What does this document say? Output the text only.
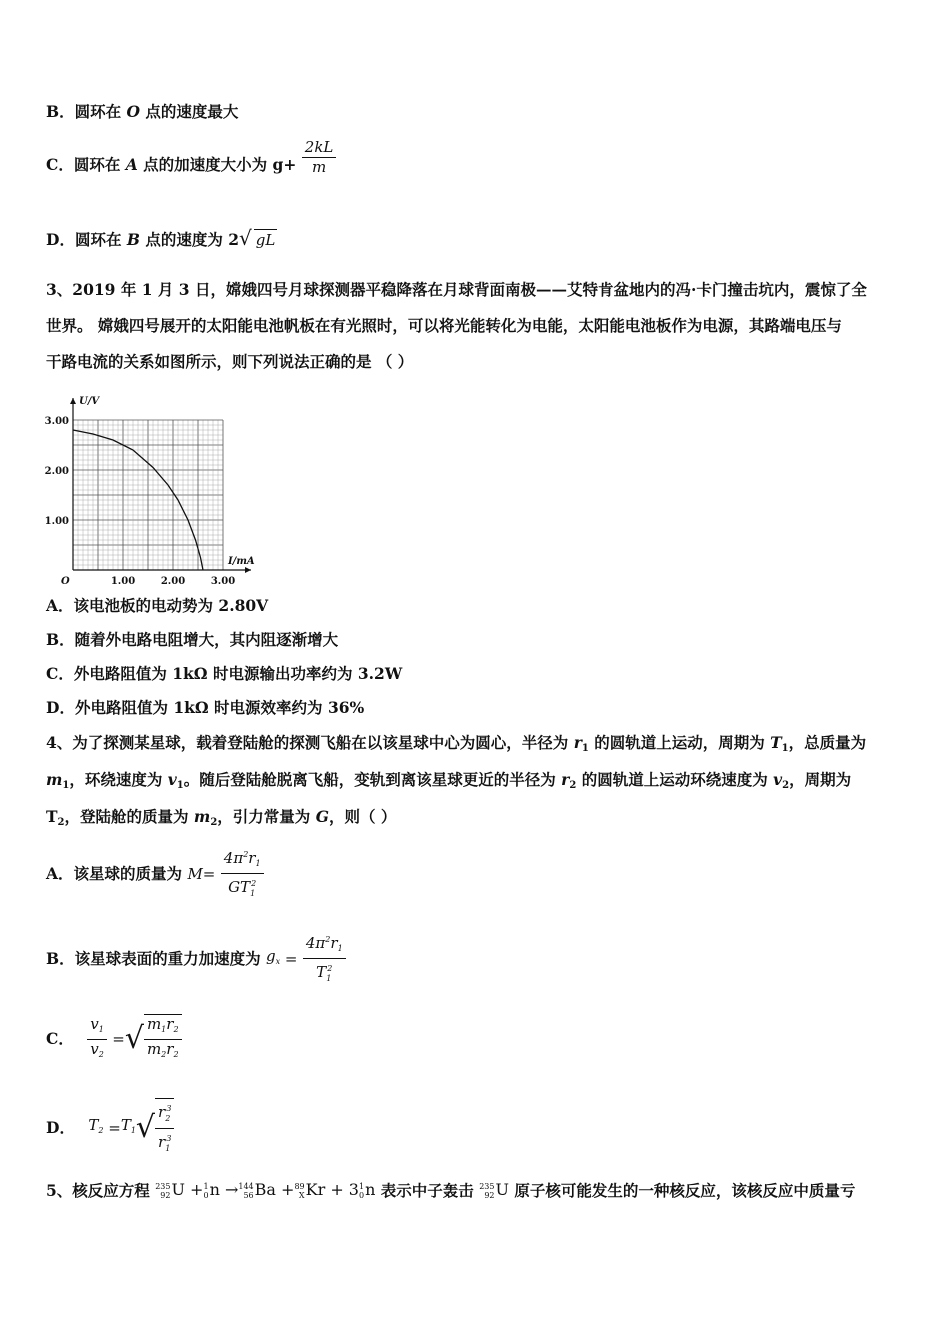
B．圆环在 O 点的速度最大
C．圆环在 A 点的加速度大小为 $g+ \frac{2kL}{m}$
D．圆环在 B 点的速度为 2√ gL
3、2019 年 1 月 3 日，嫦娥四号月球探测器平稳降落在月球背面南极——艾特肯盆地内的冯·卡门撞击坑内，震惊了全
世界。 嫦娥四号展开的太阳能电池帆板在有光照时，可以将光能转化为电能，太阳能电池板作为电源，其路端电压与
干路电流的关系如图所示，则下列说法正确的是 （ ）
1.00	2.00	3.00
1.00
2.00
3.00
O
U/V
I/mA
A．该电池板的电动势为 2.80V
B．随着外电路电阻增大，其内阻逐渐增大
C．外电路阻值为 1kΩ 时电源输出功率约为 3.2W
D．外电路阻值为 1kΩ 时电源效率约为 36%
4、为了探测某星球，载着登陆舱的探测飞船在以该星球中心为圆心，半径为 $r_1$ 的圆轨道上运动，周期为 $T_1$，总质量为
$m_1$，环绕速度为 $v_1$。随后登陆舱脱离飞船，变轨到离该星球更近的半径为 $r_2$ 的圆轨道上运动环绕速度为 $v_2$，周期为
$T_2$，登陆舱的质量为 $m_2$，引力常量为 G，则（ ）
A．该星球的质量为 $M= \frac{4\pi^2r_1}{GT_1^2}$
B．该星球表面的重力加速度为 $g_x = \frac{4\pi^2r_1}{T_1^2}$
C． $\frac{v_1}{v_2}$ =√ $\frac{m_1r_2}{m_2r_2}$
D． $T_2 =T_1√ \frac{r_2^3}{r_1^3}$
5、核反应方程 235
92U +1
0n →144
56Ba +89
XKr + 31
0n 表示中子轰击 235
92U 原子核可能发生的一种核反应，该核反应中质量亏
